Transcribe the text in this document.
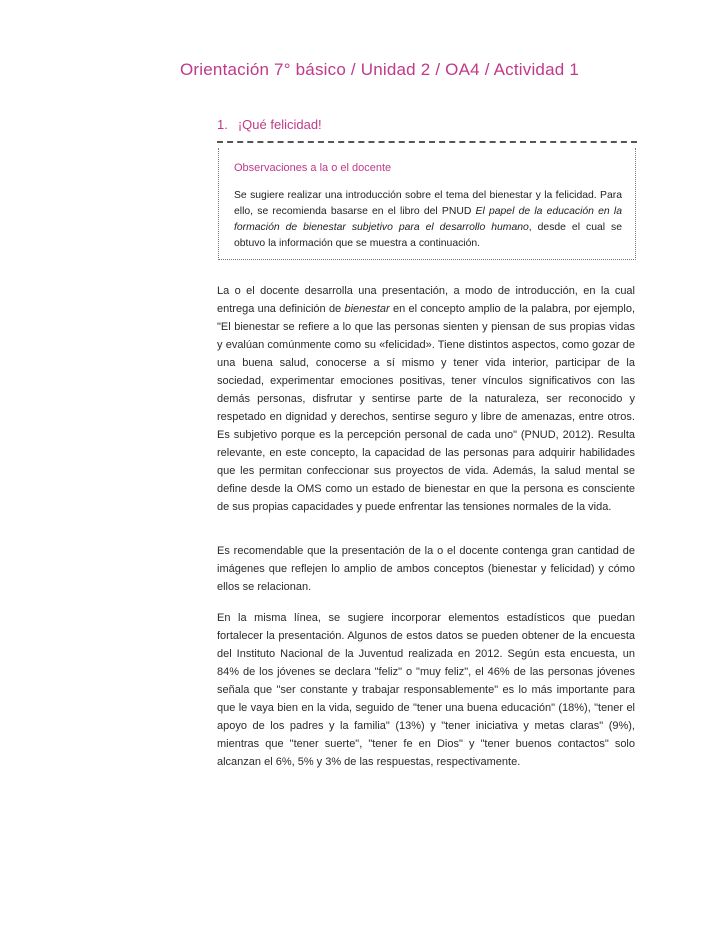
Orientación 7° básico / Unidad 2 / OA4 / Actividad 1
1. ¡Qué felicidad!
Observaciones a la o el docente
Se sugiere realizar una introducción sobre el tema del bienestar y la felicidad. Para ello, se recomienda basarse en el libro del PNUD El papel de la educación en la formación de bienestar subjetivo para el desarrollo humano, desde el cual se obtuvo la información que se muestra a continuación.
La o el docente desarrolla una presentación, a modo de introducción, en la cual entrega una definición de bienestar en el concepto amplio de la palabra, por ejemplo, "El bienestar se refiere a lo que las personas sienten y piensan de sus propias vidas y evalúan comúnmente como su «felicidad». Tiene distintos aspectos, como gozar de una buena salud, conocerse a sí mismo y tener vida interior, participar de la sociedad, experimentar emociones positivas, tener vínculos significativos con las demás personas, disfrutar y sentirse parte de la naturaleza, ser reconocido y respetado en dignidad y derechos, sentirse seguro y libre de amenazas, entre otros. Es subjetivo porque es la percepción personal de cada uno" (PNUD, 2012). Resulta relevante, en este concepto, la capacidad de las personas para adquirir habilidades que les permitan confeccionar sus proyectos de vida. Además, la salud mental se define desde la OMS como un estado de bienestar en que la persona es consciente de sus propias capacidades y puede enfrentar las tensiones normales de la vida.
Es recomendable que la presentación de la o el docente contenga gran cantidad de imágenes que reflejen lo amplio de ambos conceptos (bienestar y felicidad) y cómo ellos se relacionan.
En la misma línea, se sugiere incorporar elementos estadísticos que puedan fortalecer la presentación. Algunos de estos datos se pueden obtener de la encuesta del Instituto Nacional de la Juventud realizada en 2012. Según esta encuesta, un 84% de los jóvenes se declara "feliz" o "muy feliz", el 46% de las personas jóvenes señala que "ser constante y trabajar responsablemente" es lo más importante para que le vaya bien en la vida, seguido de "tener una buena educación" (18%), "tener el apoyo de los padres y la familia" (13%) y "tener iniciativa y metas claras" (9%), mientras que "tener suerte", "tener fe en Dios" y "tener buenos contactos" solo alcanzan el 6%, 5% y 3% de las respuestas, respectivamente.
